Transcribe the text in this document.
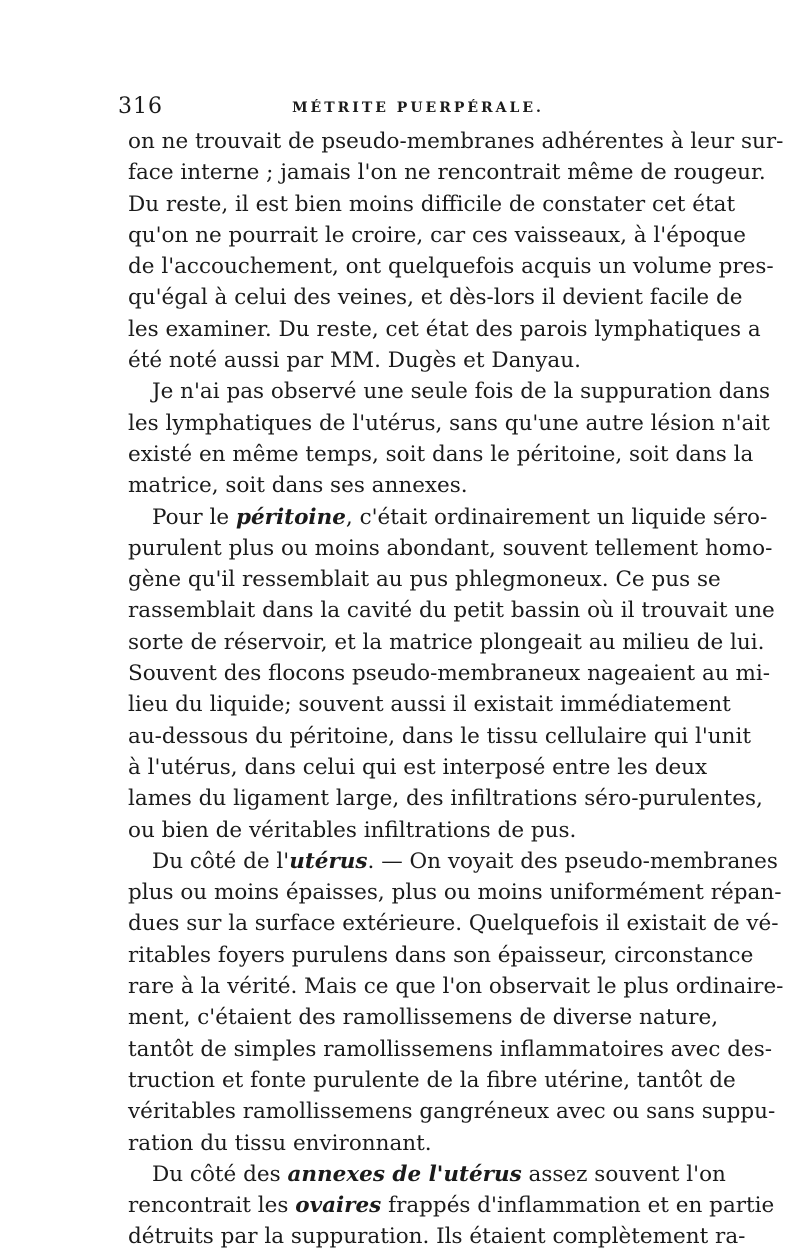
316	MÉTRITE PUERPÉRALE.
on ne trouvait de pseudo-membranes adhérentes à leur sur-
face interne ; jamais l'on ne rencontrait même de rougeur.
Du reste, il est bien moins difficile de constater cet état
qu'on ne pourrait le croire, car ces vaisseaux, à l'époque
de l'accouchement, ont quelquefois acquis un volume pres-
qu'égal à celui des veines, et dès-lors il devient facile de
les examiner. Du reste, cet état des parois lymphatiques a
été noté aussi par MM. Dugès et Danyau.
Je n'ai pas observé une seule fois de la suppuration dans
les lymphatiques de l'utérus, sans qu'une autre lésion n'ait
existé en même temps, soit dans le péritoine, soit dans la
matrice, soit dans ses annexes.
Pour le péritoine, c'était ordinairement un liquide séro-
purulent plus ou moins abondant, souvent tellement homo-
gène qu'il ressemblait au pus phlegmoneux. Ce pus se
rassemblait dans la cavité du petit bassin où il trouvait une
sorte de réservoir, et la matrice plongeait au milieu de lui.
Souvent des flocons pseudo-membraneux nageaient au mi-
lieu du liquide; souvent aussi il existait immédiatement
au-dessous du péritoine, dans le tissu cellulaire qui l'unit
à l'utérus, dans celui qui est interposé entre les deux
lames du ligament large, des infiltrations séro-purulentes,
ou bien de véritables infiltrations de pus.
Du côté de l'utérus. — On voyait des pseudo-membranes
plus ou moins épaisses, plus ou moins uniformément répan-
dues sur la surface extérieure. Quelquefois il existait de vé-
ritables foyers purulens dans son épaisseur, circonstance
rare à la vérité. Mais ce que l'on observait le plus ordinaire-
ment, c'étaient des ramollissemens de diverse nature,
tantôt de simples ramollissemens inflammatoires avec des-
truction et fonte purulente de la fibre utérine, tantôt de
véritables ramollissemens gangréneux avec ou sans suppu-
ration du tissu environnant.
Du côté des annexes de l'utérus assez souvent l'on
rencontrait les ovaires frappés d'inflammation et en partie
détruits par la suppuration. Ils étaient complètement ra-
